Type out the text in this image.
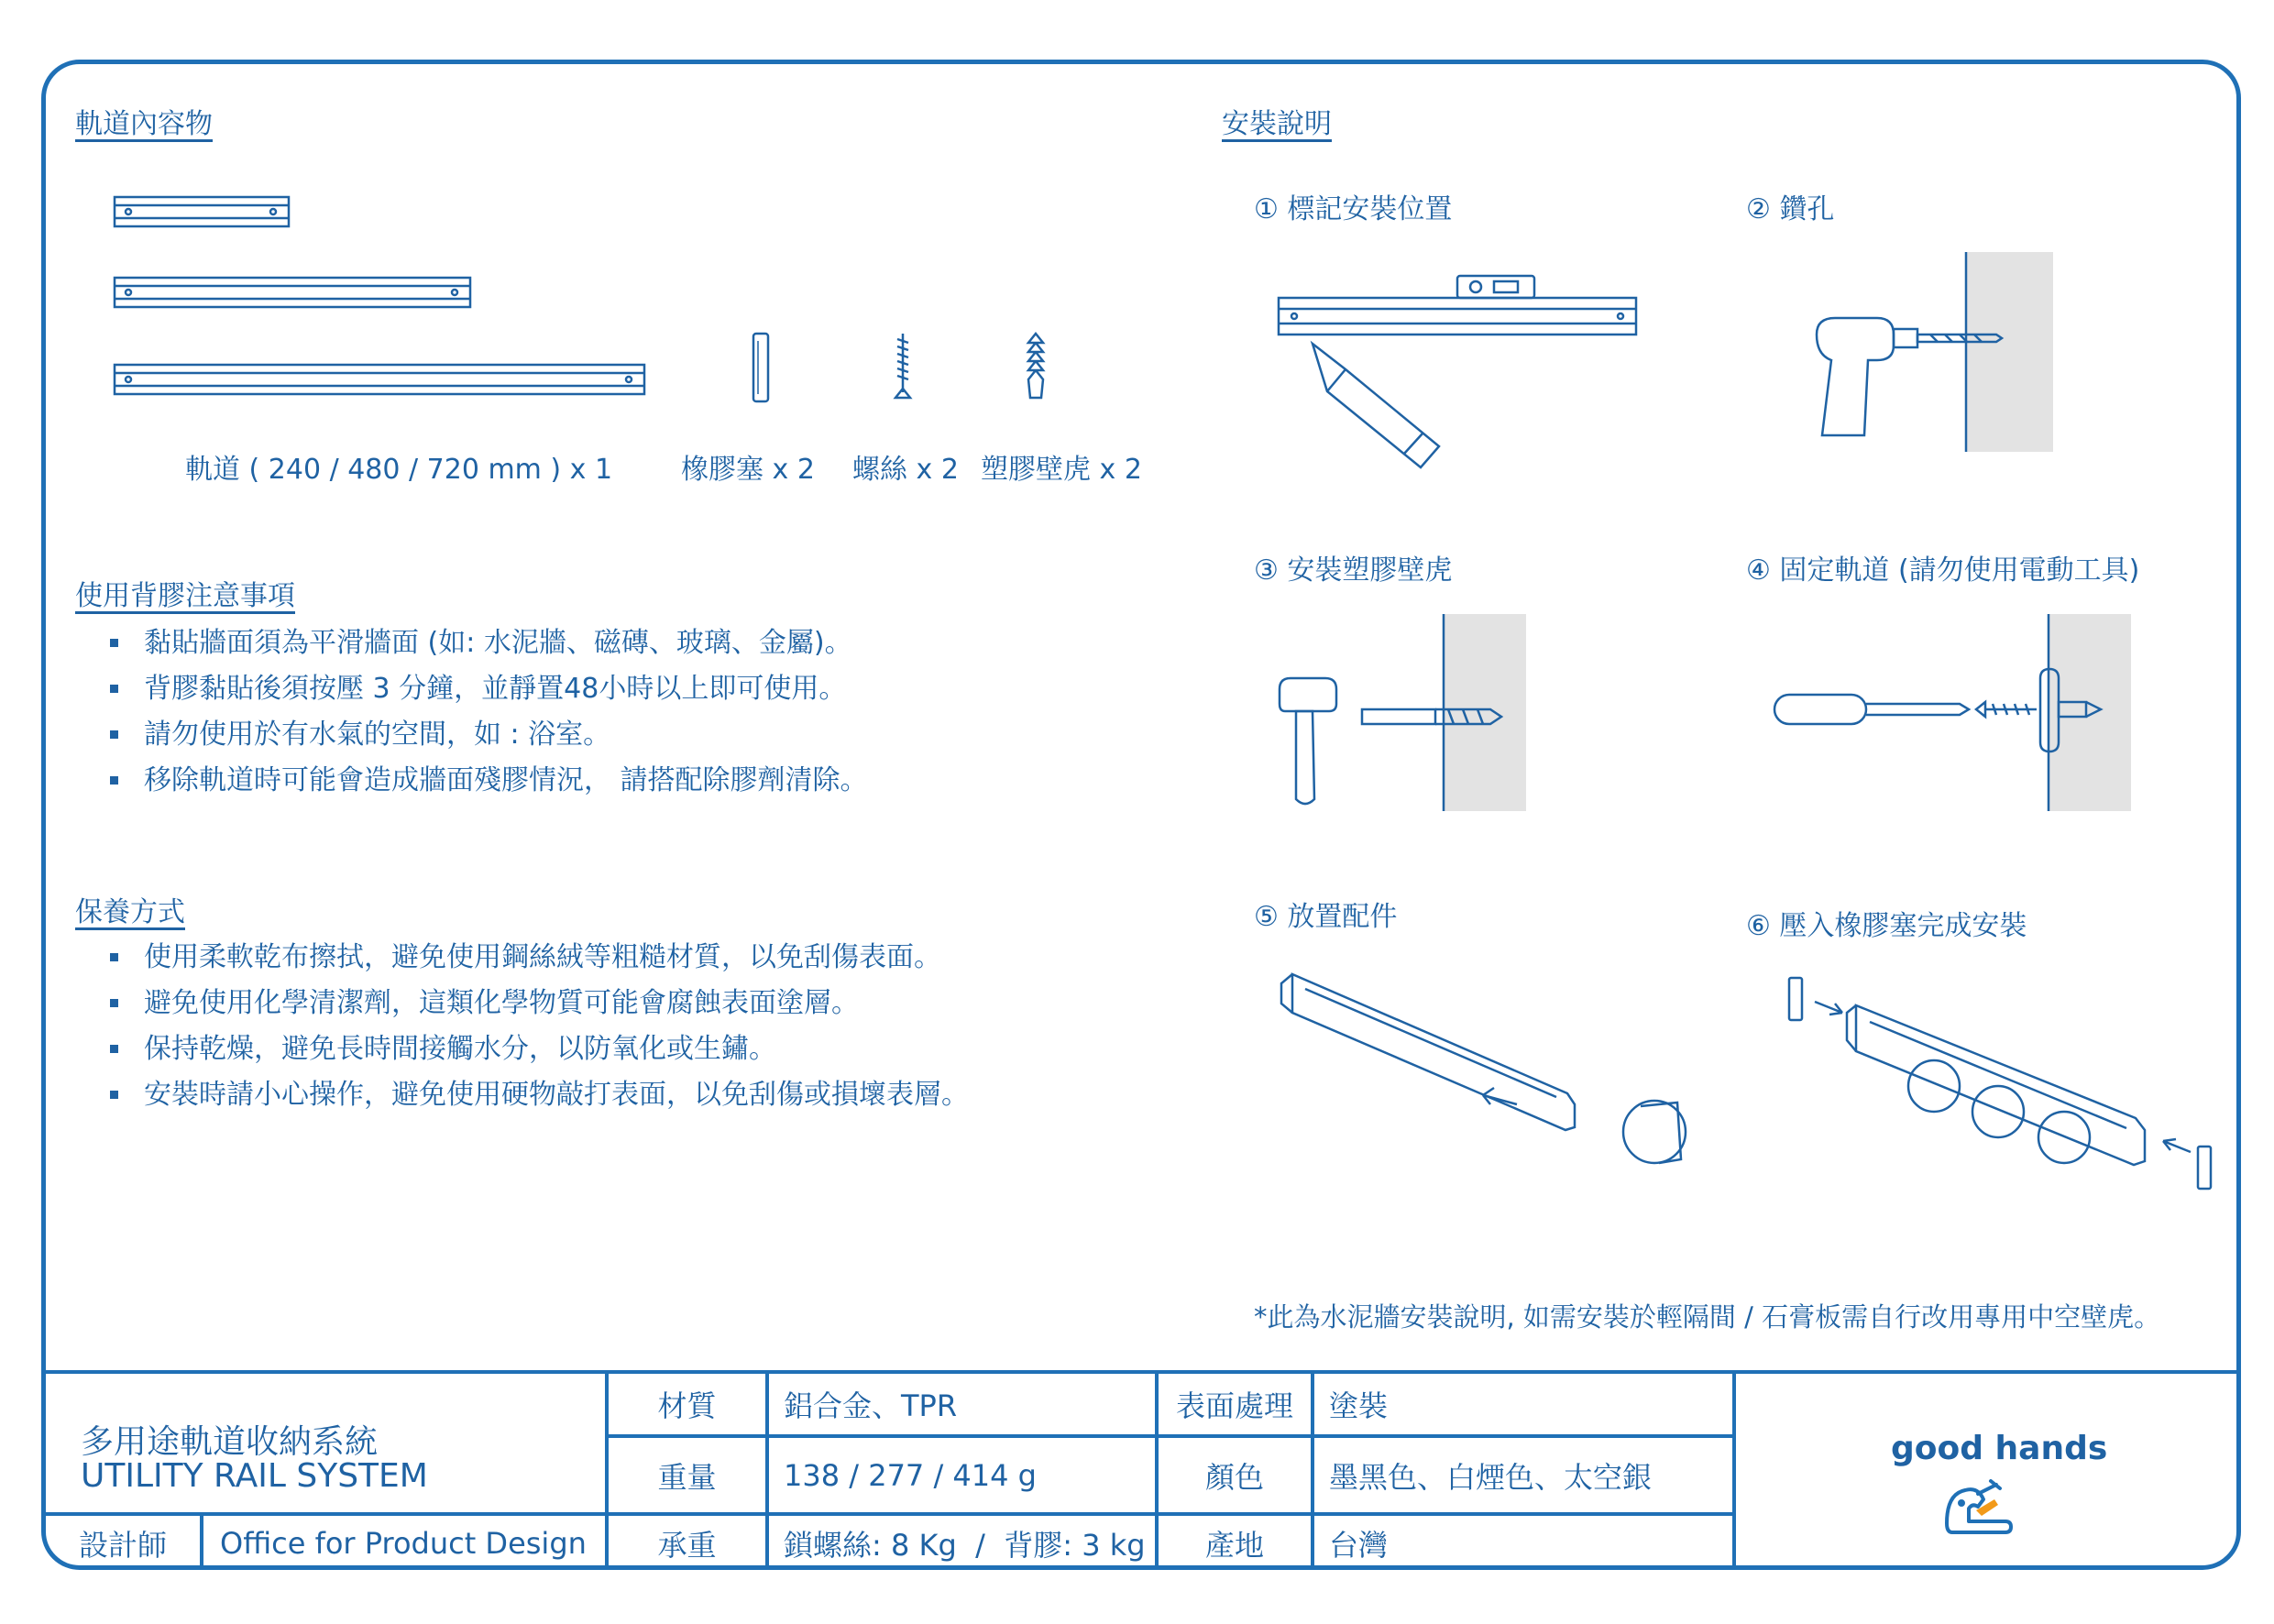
軌道內容物
軌道 ( 240 / 480 / 720 mm ) x 1 橡膠塞 x 2 螺絲 x 2 塑膠壁虎 x 2
使用背膠注意事項
黏貼牆面須為平滑牆面 (如: 水泥牆、磁磚、玻璃、金屬)。
背膠黏貼後須按壓 3 分鐘，並靜置48小時以上即可使用。
請勿使用於有水氣的空間，如 : 浴室。
移除軌道時可能會造成牆面殘膠情況， 請搭配除膠劑清除。
保養方式
使用柔軟乾布擦拭，避免使用鋼絲絨等粗糙材質，以免刮傷表面。
避免使用化學清潔劑，這類化學物質可能會腐蝕表面塗層。
保持乾燥，避免長時間接觸水分，以防氧化或生鏽。
安裝時請小心操作，避免使用硬物敲打表面，以免刮傷或損壞表層。
安裝說明
① 標記安裝位置	② 鑽孔
③ 安裝塑膠壁虎	④ 固定軌道 (請勿使用電動工具)
⑤ 放置配件	⑥ 壓入橡膠塞完成安裝
*此為水泥牆安裝說明, 如需安裝於輕隔間 / 石膏板需自行改用專用中空壁虎。
多用途軌道收納系統
UTILITY RAIL SYSTEM
設計師	Office for Product Design
材質	鋁合金、TPR	表面處理	塗裝
重量	138 / 277 / 414 g	顏色	墨黑色、白煙色、太空銀
承重	鎖螺絲: 8 Kg  /  背膠: 3 kg	產地	台灣
good hands
